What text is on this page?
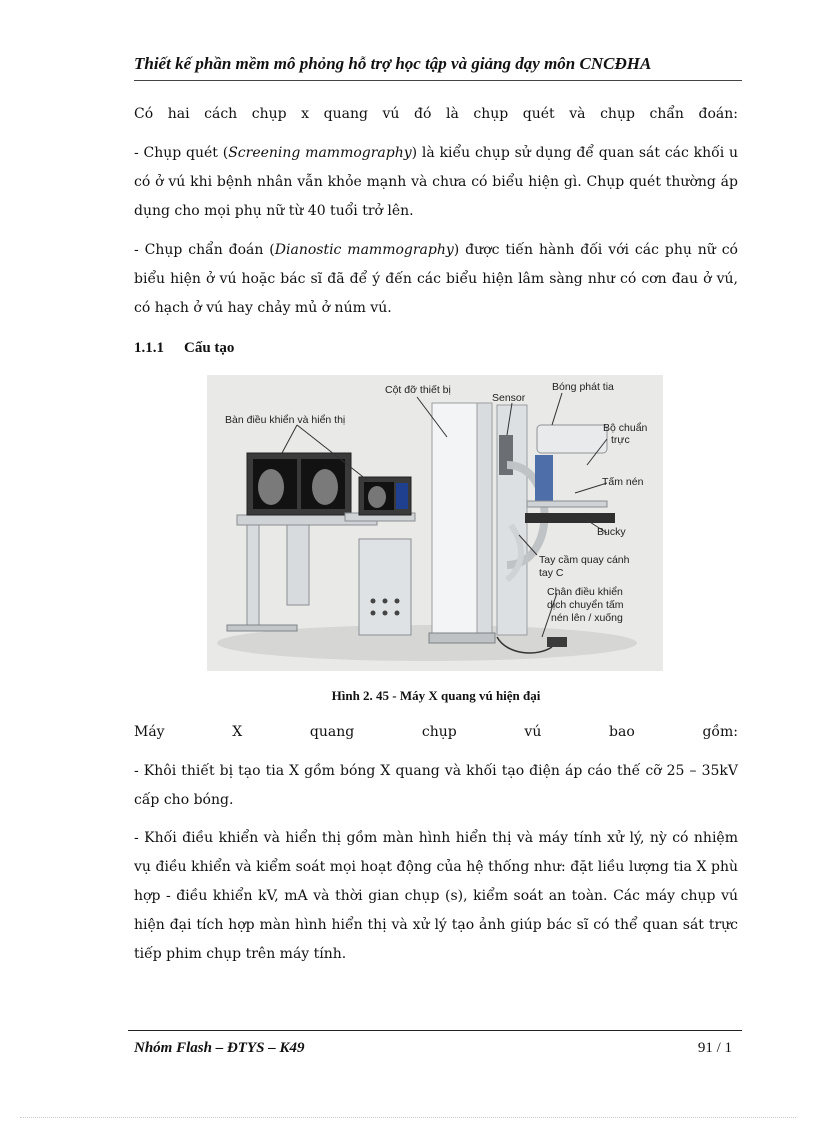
Thiết kế phần mềm mô phỏng hỗ trợ học tập và giảng dạy môn CNCĐHA
Có hai cách chụp x quang vú đó là chụp quét và chụp chẩn đoán:
- Chụp quét (Screening mammography) là kiểu chụp sử dụng để quan sát các khối u có ở vú khi bệnh nhân vẫn khỏe mạnh và chưa có biểu hiện gì. Chụp quét thường áp dụng cho mọi phụ nữ từ 40 tuổi trở lên.
- Chụp chẩn đoán (Dianostic mammography) được tiến hành đối với các phụ nữ có biểu hiện ở vú hoặc bác sĩ đã để ý đến các biểu hiện lâm sàng như có cơn đau ở vú, có hạch ở vú hay chảy mủ ở núm vú.
1.1.1 Cấu tạo
Bàn điều khiển và hiển thị
Cột đỡ thiết bị
Sensor
Bóng phát tia
Bộ chuẩn
trực
Tấm nén
Bucky
Tay cầm quay cánh
tay C
Chân điều khiển
dịch chuyển tấm
nén lên / xuống
Hình 2. 45 - Máy X quang vú hiện đại
Máy X quang chụp vú bao gồm:
- Khôi thiết bị tạo tia X gồm bóng X quang và khối tạo điện áp cáo thế cỡ 25 – 35kV cấp cho bóng.
- Khối điều khiển và hiển thị gồm màn hình hiển thị và máy tính xử lý, nỳ có nhiệm vụ điều khiển và kiểm soát mọi hoạt động của hệ thống như: đặt liều lượng tia X phù hợp - điều khiển kV, mA và thời gian chụp (s), kiểm soát an toàn. Các máy chụp vú hiện đại tích hợp màn hình hiển thị và xử lý tạo ảnh giúp bác sĩ có thể quan sát trực tiếp phim chụp trên máy tính.
Nhóm Flash – ĐTYS – K49	91 / 1
